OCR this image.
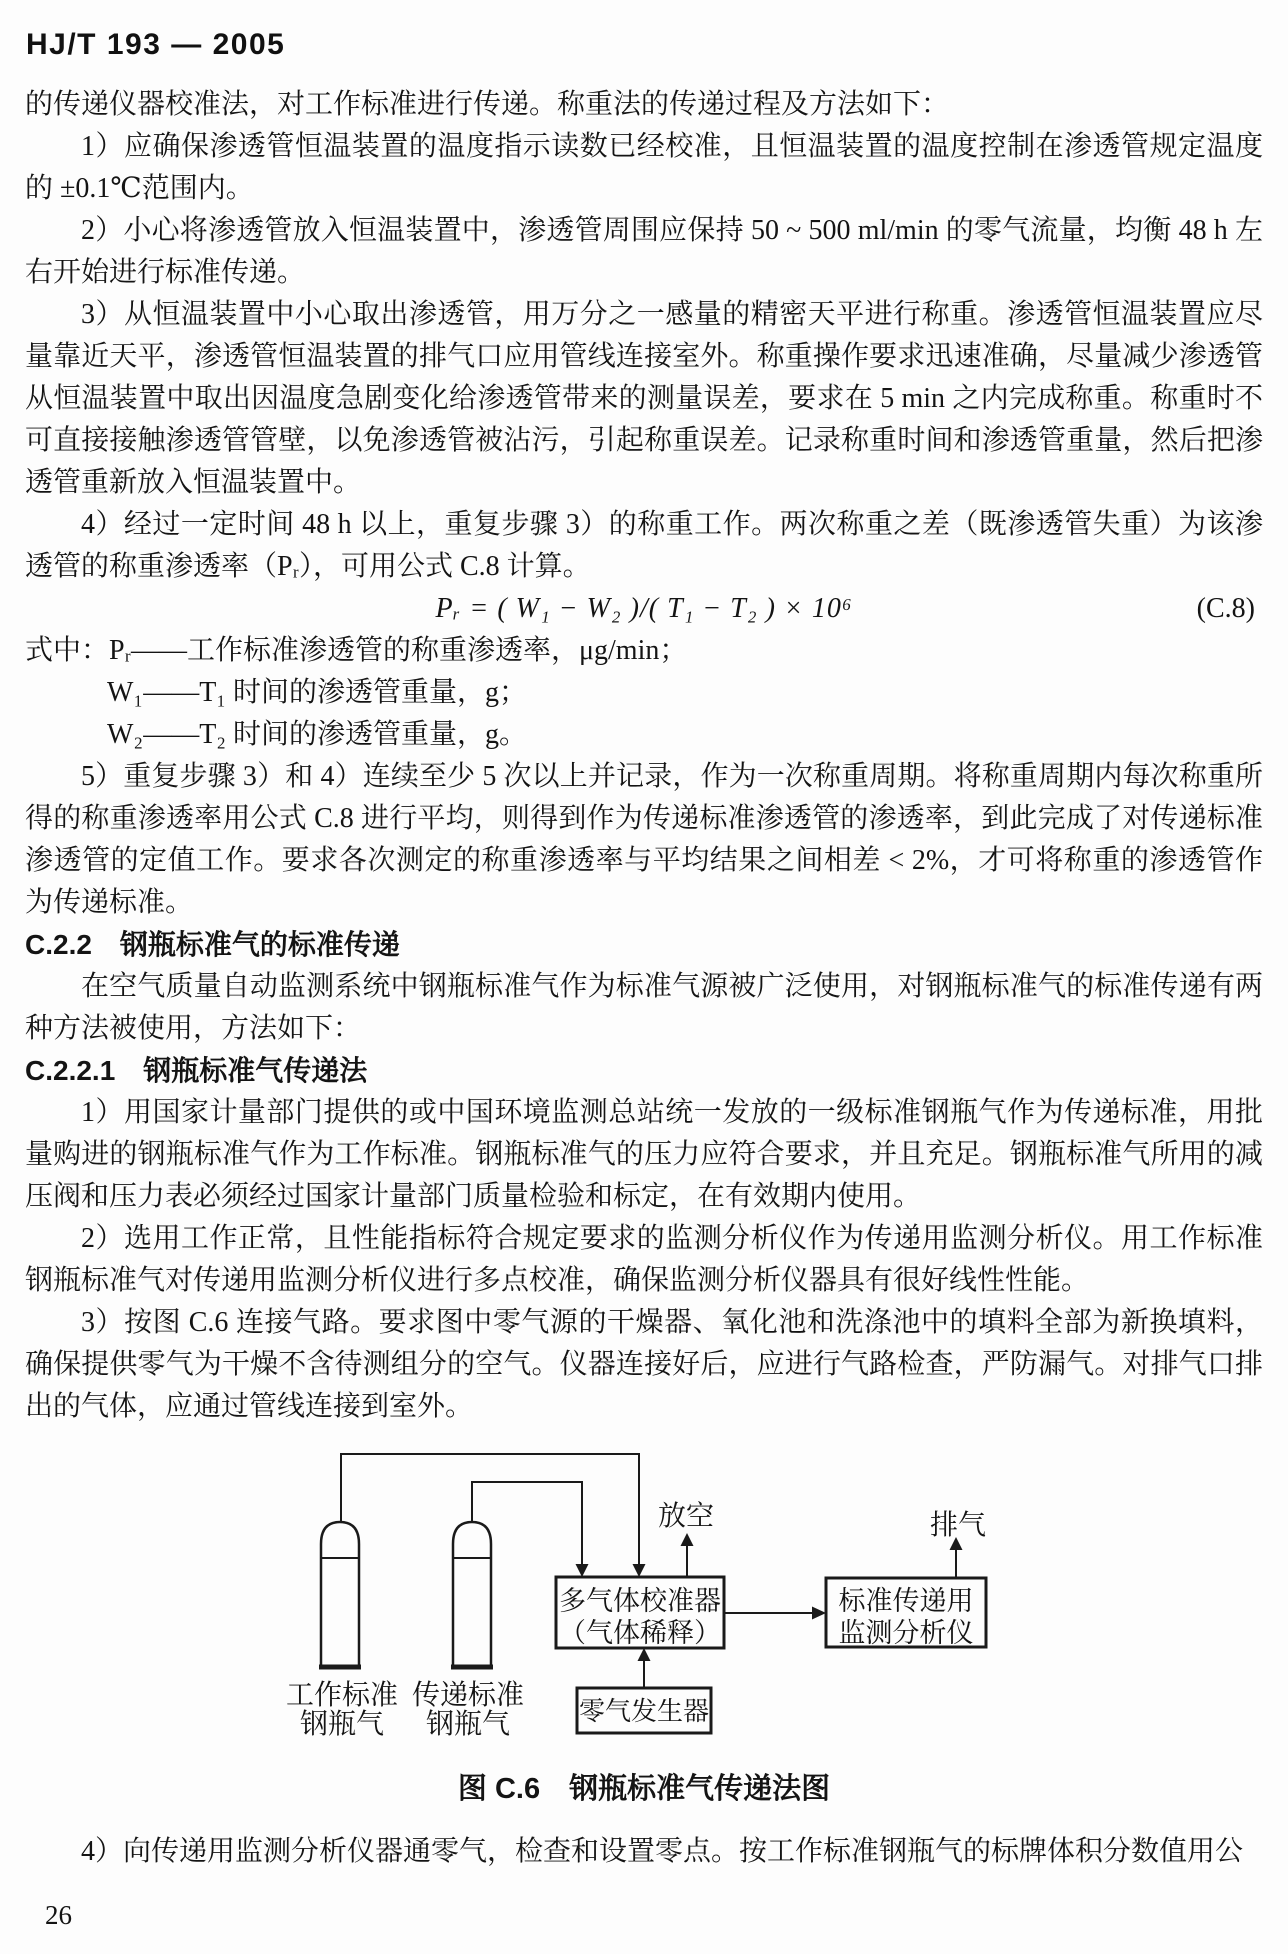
HJ/T 193 — 2005
的传递仪器校准法，对工作标准进行传递。称重法的传递过程及方法如下：
1）应确保渗透管恒温装置的温度指示读数已经校准，且恒温装置的温度控制在渗透管规定温度的 ±0.1℃范围内。
2）小心将渗透管放入恒温装置中，渗透管周围应保持 50 ~ 500 ml/min 的零气流量，均衡 48 h 左右开始进行标准传递。
3）从恒温装置中小心取出渗透管，用万分之一感量的精密天平进行称重。渗透管恒温装置应尽量靠近天平，渗透管恒温装置的排气口应用管线连接室外。称重操作要求迅速准确，尽量减少渗透管从恒温装置中取出因温度急剧变化给渗透管带来的测量误差，要求在 5 min 之内完成称重。称重时不可直接接触渗透管管壁，以免渗透管被沾污，引起称重误差。记录称重时间和渗透管重量，然后把渗透管重新放入恒温装置中。
4）经过一定时间 48 h 以上，重复步骤 3）的称重工作。两次称重之差（既渗透管失重）为该渗透管的称重渗透率（Pᵣ），可用公式 C.8 计算。
Pᵣ = ( W₁ − W₂ )/( T₁ − T₂ ) × 10⁶	(C.8)
式中：Pᵣ——工作标准渗透管的称重渗透率，μg/min；
W₁——T₁ 时间的渗透管重量，g；
W₂——T₂ 时间的渗透管重量，g。
5）重复步骤 3）和 4）连续至少 5 次以上并记录，作为一次称重周期。将称重周期内每次称重所得的称重渗透率用公式 C.8 进行平均，则得到作为传递标准渗透管的渗透率，到此完成了对传递标准渗透管的定值工作。要求各次测定的称重渗透率与平均结果之间相差 < 2%，才可将称重的渗透管作为传递标准。
C.2.2　钢瓶标准气的标准传递
在空气质量自动监测系统中钢瓶标准气作为标准气源被广泛使用，对钢瓶标准气的标准传递有两种方法被使用，方法如下：
C.2.2.1　钢瓶标准气传递法
1）用国家计量部门提供的或中国环境监测总站统一发放的一级标准钢瓶气作为传递标准，用批量购进的钢瓶标准气作为工作标准。钢瓶标准气的压力应符合要求，并且充足。钢瓶标准气所用的减压阀和压力表必须经过国家计量部门质量检验和标定，在有效期内使用。
2）选用工作正常，且性能指标符合规定要求的监测分析仪作为传递用监测分析仪。用工作标准钢瓶标准气对传递用监测分析仪进行多点校准，确保监测分析仪器具有很好线性性能。
3）按图 C.6 连接气路。要求图中零气源的干燥器、氧化池和洗涤池中的填料全部为新换填料，确保提供零气为干燥不含待测组分的空气。仪器连接好后，应进行气路检查，严防漏气。对排气口排出的气体，应通过管线连接到室外。
放空
多气体校准器
（气体稀释）
标准传递用
监测分析仪
排气
零气发生器
工作标准
钢瓶气
传递标准
钢瓶气
图 C.6　钢瓶标准气传递法图
4）向传递用监测分析仪器通零气，检查和设置零点。按工作标准钢瓶气的标牌体积分数值用公
26
